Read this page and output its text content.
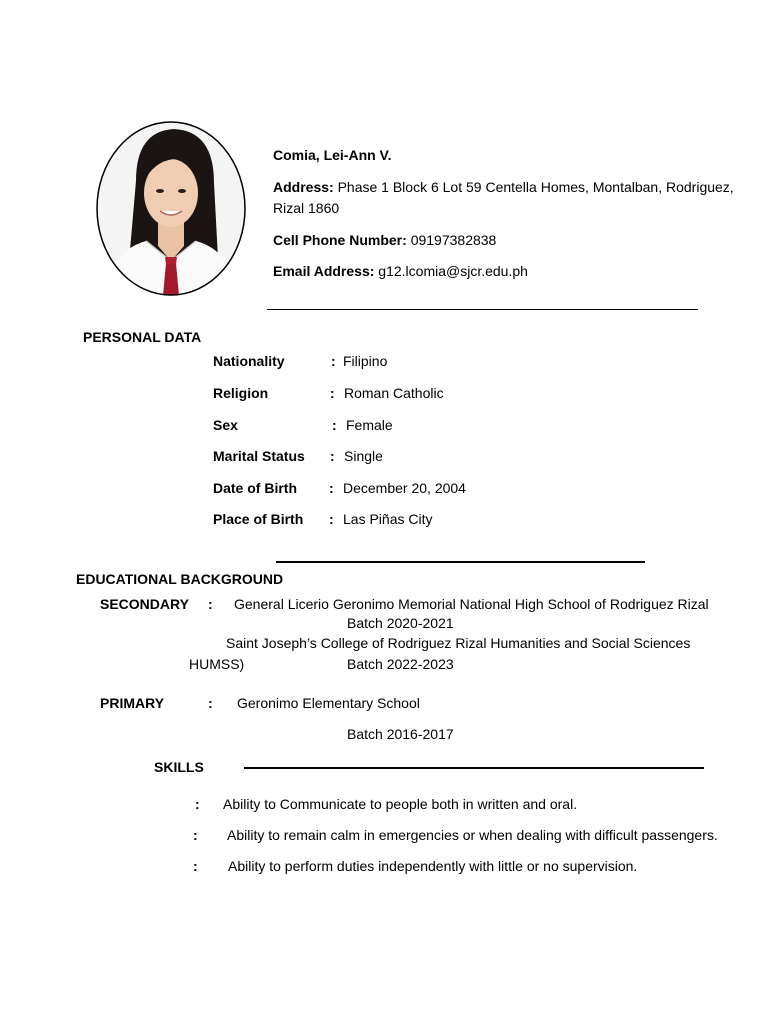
Comia, Lei-Ann V.
Address: Phase 1 Block 6 Lot 59 Centella Homes, Montalban, Rodriguez,
Rizal 1860
Cell Phone Number: 09197382838
Email Address: g12.lcomia@sjcr.edu.ph
PERSONAL DATA
Nationality	: Filipino
Religion	: Roman Catholic
Sex	: Female
Marital Status : Single
Date of Birth : December 20, 2004
Place of Birth : Las Piñas City
EDUCATIONAL BACKGROUND
SECONDARY : General Licerio Geronimo Memorial National High School of Rodriguez Rizal
Batch 2020-2021
Saint Joseph’s College of Rodriguez Rizal Humanities and Social Sciences
HUMSS)	Batch 2022-2023
PRIMARY	: Geronimo Elementary School
Batch 2016-2017
SKILLS
: Ability to Communicate to people both in written and oral.
: Ability to remain calm in emergencies or when dealing with difficult passengers.
: Ability to perform duties independently with little or no supervision.
